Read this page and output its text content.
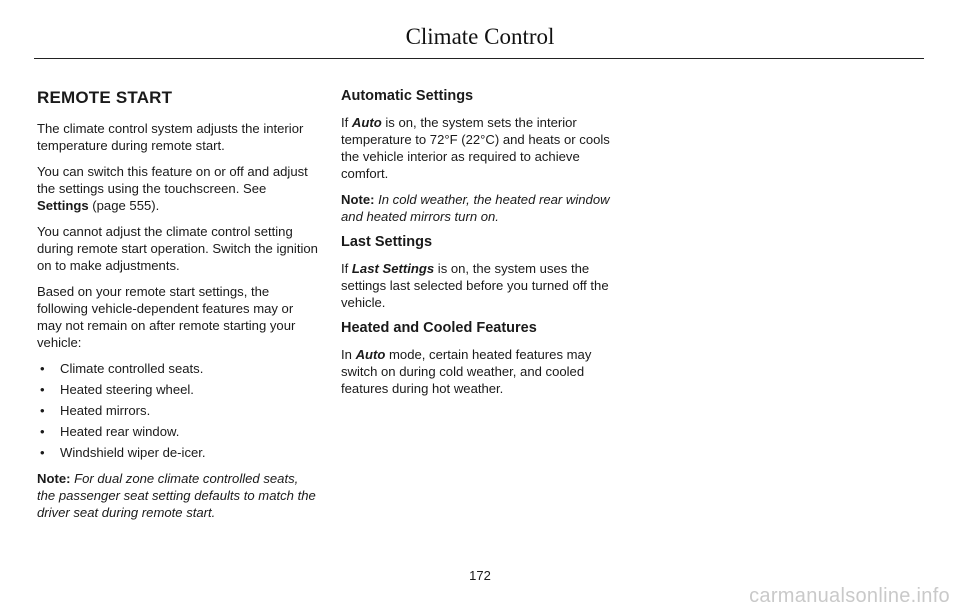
Climate Control
REMOTE START

The climate control system adjusts the interior temperature during remote start.

You can switch this feature on or off and adjust the settings using the touchscreen. See Settings (page 555).

You cannot adjust the climate control setting during remote start operation. Switch the ignition on to make adjustments.

Based on your remote start settings, the following vehicle-dependent features may or may not remain on after remote starting your vehicle:

• Climate controlled seats.
• Heated steering wheel.
• Heated mirrors.
• Heated rear window.
• Windshield wiper de-icer.

Note: For dual zone climate controlled seats, the passenger seat setting defaults to match the driver seat during remote start.

Automatic Settings

If Auto is on, the system sets the interior temperature to 72°F (22°C) and heats or cools the vehicle interior as required to achieve comfort.

Note: In cold weather, the heated rear window and heated mirrors turn on.

Last Settings

If Last Settings is on, the system uses the settings last selected before you turned off the vehicle.

Heated and Cooled Features

In Auto mode, certain heated features may switch on during cold weather, and cooled features during hot weather.

172
carmanualsonline.info
